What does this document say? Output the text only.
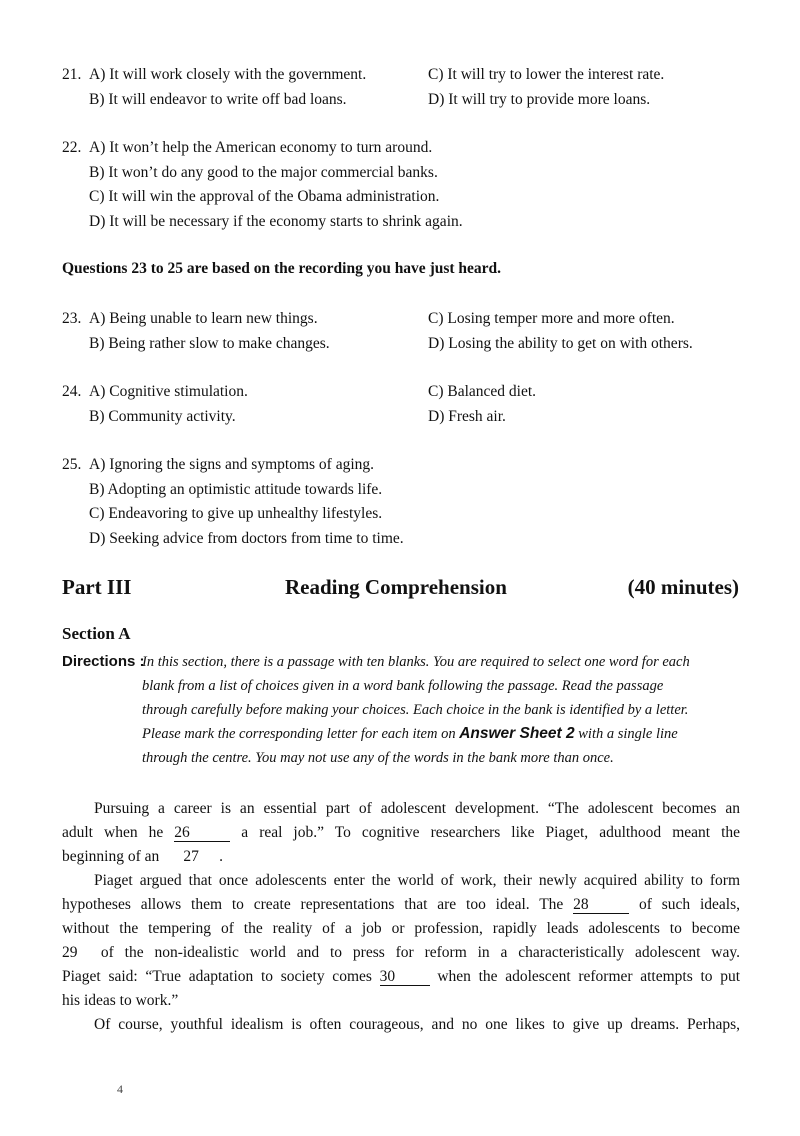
21. A) It will work closely with the government.	C) It will try to lower the interest rate.
B) It will endeavor to write off bad loans.	D) It will try to provide more loans.
22. A) It won’t help the American economy to turn around.
B) It won’t do any good to the major commercial banks.
C) It will win the approval of the Obama administration.
D) It will be necessary if the economy starts to shrink again.
Questions 23 to 25 are based on the recording you have just heard.
23. A) Being unable to learn new things.	C) Losing temper more and more often.
B) Being rather slow to make changes.	D) Losing the ability to get on with others.
24. A) Cognitive stimulation.	C) Balanced diet.
B) Community activity.	D) Fresh air.
25. A) Ignoring the signs and symptoms of aging.
B) Adopting an optimistic attitude towards life.
C) Endeavoring to give up unhealthy lifestyles.
D) Seeking advice from doctors from time to time.
Part III	Reading Comprehension	(40 minutes)
Section A
Directions :
In this section, there is a passage with ten blanks. You are required to select one word for each
blank from a list of choices given in a word bank following the passage. Read the passage
through carefully before making your choices. Each choice in the bank is identified by a letter.
Please mark the corresponding letter for each item on Answer Sheet 2 with a single line
through the centre. You may not use any of the words in the bank more than once.
Pursuing a career is an essential part of adolescent development. “The adolescent becomes an
adult when he 26	a real job.” To cognitive researchers like Piaget, adulthood meant the
beginning of an 27 .
Piaget argued that once adolescents enter the world of work, their newly acquired ability to form
hypotheses allows them to create representations that are too ideal. The 28	of such ideals,
without the tempering of the reality of a job or profession, rapidly leads adolescents to become
29 of the non-idealistic world and to press for reform in a characteristically adolescent way.
Piaget said: “True adaptation to society comes 30	when the adolescent reformer attempts to put
his ideas to work.”
Of course, youthful idealism is often courageous, and no one likes to give up dreams. Perhaps,
4
